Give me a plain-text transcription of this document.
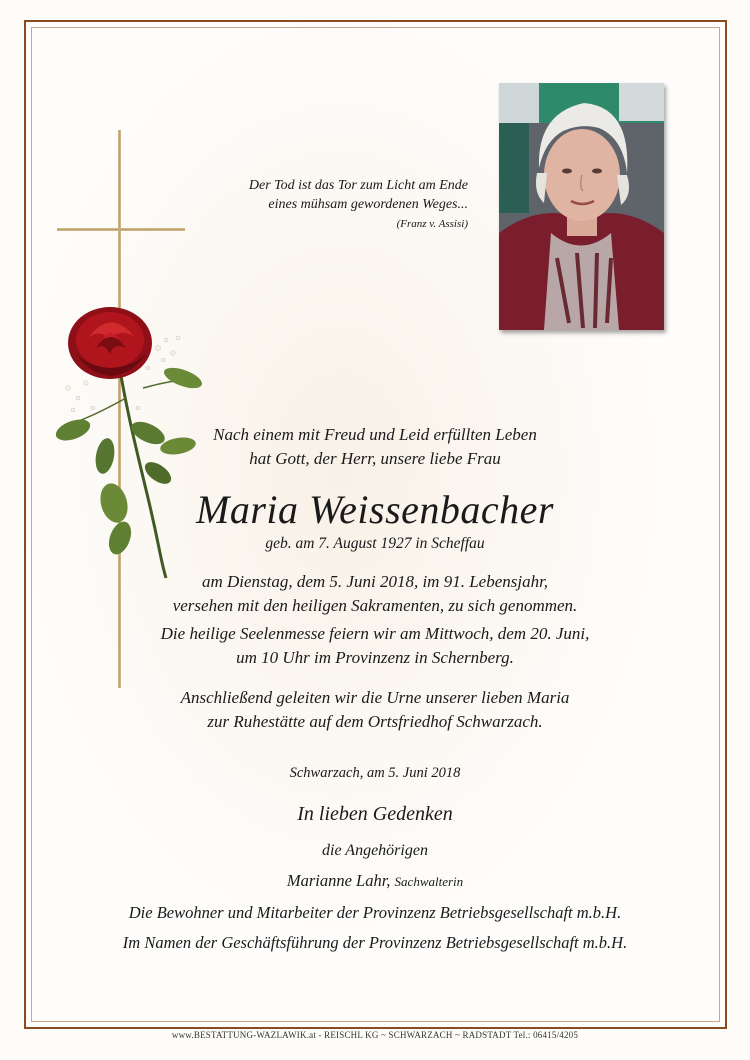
Der Tod ist das Tor zum Licht am Ende
eines mühsam gewordenen Weges...
(Franz v. Assisi)
Nach einem mit Freud und Leid erfüllten Leben
hat Gott, der Herr, unsere liebe Frau
Maria Weissenbacher
geb. am 7. August 1927 in Scheffau
am Dienstag, dem 5. Juni 2018, im 91. Lebensjahr,
versehen mit den heiligen Sakramenten, zu sich genommen.
Die heilige Seelenmesse feiern wir am Mittwoch, dem 20. Juni,
um 10 Uhr im Provinzenz in Schernberg.
Anschließend geleiten wir die Urne unserer lieben Maria
zur Ruhestätte auf dem Ortsfriedhof Schwarzach.
Schwarzach, am 5. Juni 2018
In lieben Gedenken
die Angehörigen
Marianne Lahr, Sachwalterin
Die Bewohner und Mitarbeiter der Provinzenz Betriebsgesellschaft m.b.H.
Im Namen der Geschäftsführung der Provinzenz Betriebsgesellschaft m.b.H.
www.BESTATTUNG-WAZLAWIK.at - REISCHL KG ~ SCHWARZACH ~ RADSTADT Tel.: 06415/4205
